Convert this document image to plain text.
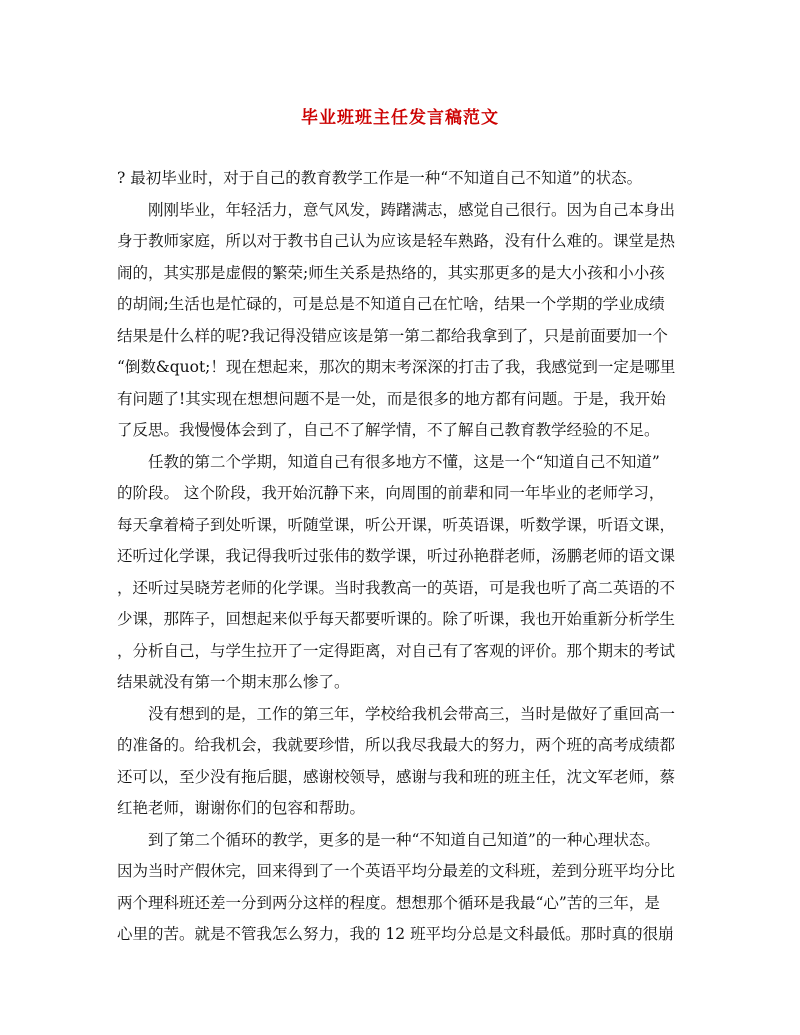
毕业班班主任发言稿范文
? 最初毕业时，对于自己的教育教学工作是一种“不知道自己不知道”的状态。
　　刚刚毕业，年轻活力，意气风发，踌躇满志，感觉自己很行。因为自己本身出
身于教师家庭，所以对于教书自己认为应该是轻车熟路，没有什么难的。课堂是热
闹的，其实那是虚假的繁荣;师生关系是热络的，其实那更多的是大小孩和小小孩
的胡闹;生活也是忙碌的，可是总是不知道自己在忙啥，结果一个学期的学业成绩
结果是什么样的呢?我记得没错应该是第一第二都给我拿到了，只是前面要加一个
“倒数&quot;！现在想起来，那次的期末考深深的打击了我，我感觉到一定是哪里
有问题了!其实现在想想问题不是一处，而是很多的地方都有问题。于是，我开始
了反思。我慢慢体会到了，自己不了解学情，不了解自己教育教学经验的不足。
　　任教的第二个学期，知道自己有很多地方不懂，这是一个“知道自己不知道”
的阶段。 这个阶段，我开始沉静下来，向周围的前辈和同一年毕业的老师学习，
每天拿着椅子到处听课，听随堂课，听公开课，听英语课，听数学课，听语文课，
还听过化学课，我记得我听过张伟的数学课，听过孙艳群老师，汤鹏老师的语文课
，还听过吴晓芳老师的化学课。当时我教高一的英语，可是我也听了高二英语的不
少课，那阵子，回想起来似乎每天都要听课的。除了听课，我也开始重新分析学生
，分析自己，与学生拉开了一定得距离，对自己有了客观的评价。那个期末的考试
结果就没有第一个期末那么惨了。
　　没有想到的是，工作的第三年，学校给我机会带高三，当时是做好了重回高一
的准备的。给我机会，我就要珍惜，所以我尽我最大的努力，两个班的高考成绩都
还可以，至少没有拖后腿，感谢校领导，感谢与我和班的班主任，沈文军老师，蔡
红艳老师，谢谢你们的包容和帮助。
　　到了第二个循环的教学，更多的是一种“不知道自己知道”的一种心理状态。
因为当时产假休完，回来得到了一个英语平均分最差的文科班，差到分班平均分比
两个理科班还差一分到两分这样的程度。想想那个循环是我最“心”苦的三年，是
心里的苦。就是不管我怎么努力，我的 12 班平均分总是文科最低。那时真的很崩
